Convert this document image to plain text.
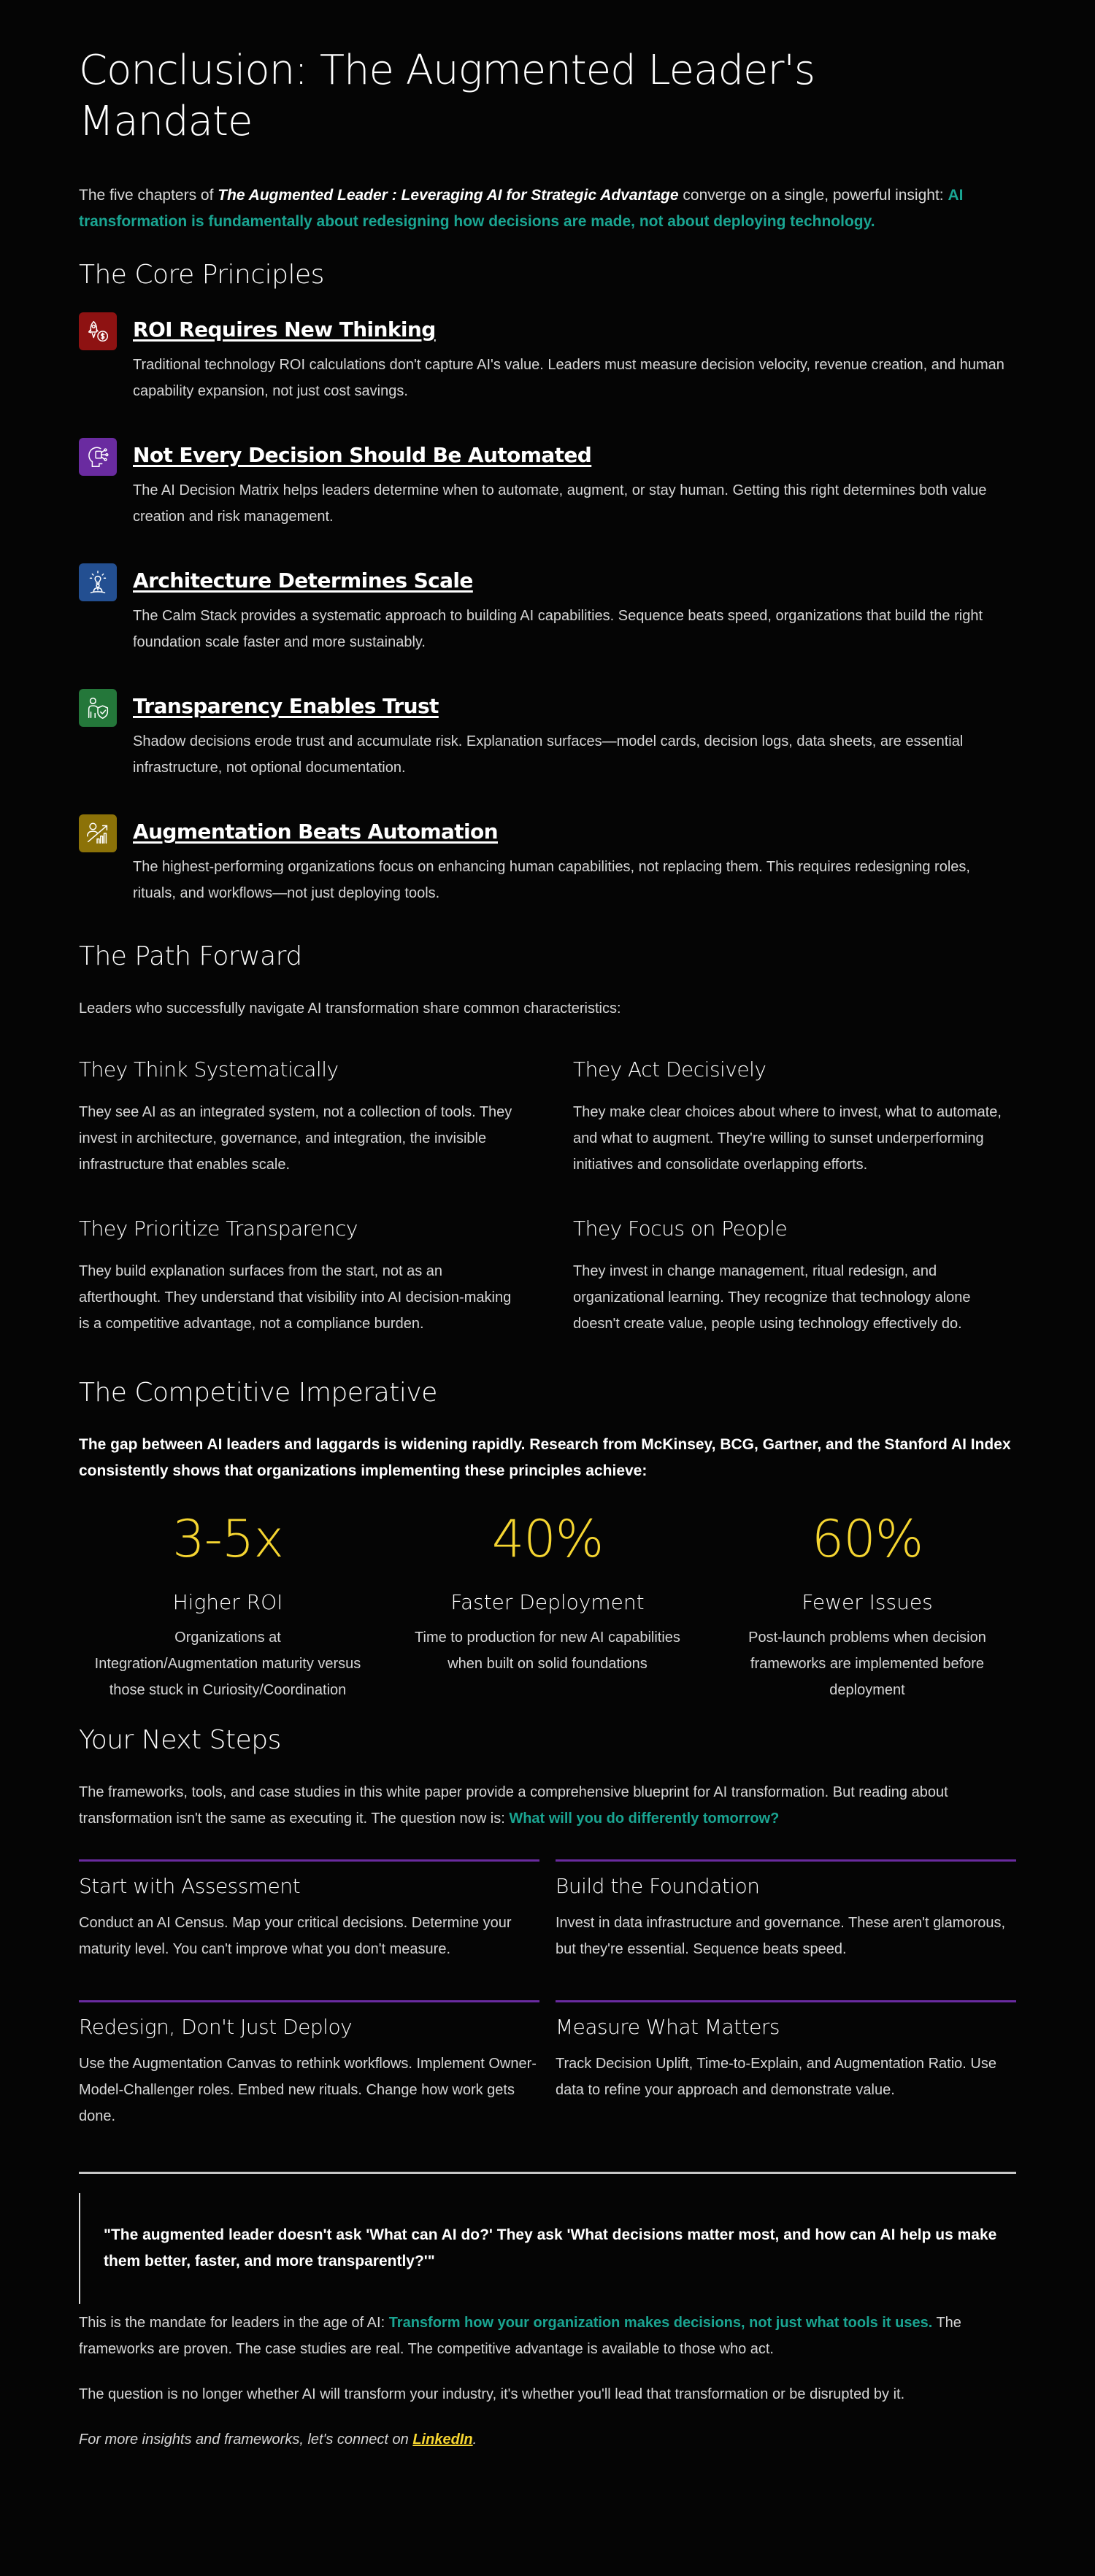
Conclusion: The Augmented Leader's Mandate

The five chapters of The Augmented Leader : Leveraging AI for Strategic Advantage converge on a single, powerful insight: AI transformation is fundamentally about redesigning how decisions are made, not about deploying technology.

The Core Principles
ROI Requires New Thinking

Traditional technology ROI calculations don't capture AI's value. Leaders must measure decision velocity, revenue creation, and human capability expansion, not just cost savings.

Not Every Decision Should Be Automated

The AI Decision Matrix helps leaders determine when to automate, augment, or stay human. Getting this right determines both value creation and risk management.

Architecture Determines Scale

The Calm Stack provides a systematic approach to building AI capabilities. Sequence beats speed, organizations that build the right foundation scale faster and more sustainably.

Transparency Enables Trust

Shadow decisions erode trust and accumulate risk. Explanation surfaces—model cards, decision logs, data sheets, are essential infrastructure, not optional documentation.

Augmentation Beats Automation

The highest-performing organizations focus on enhancing human capabilities, not replacing them. This requires redesigning roles, rituals, and workflows—not just deploying tools.

The Path Forward

Leaders who successfully navigate AI transformation share common characteristics:

They Think Systematically

They see AI as an integrated system, not a collection of tools. They invest in architecture, governance, and integration, the invisible infrastructure that enables scale.

They Act Decisively

They make clear choices about where to invest, what to automate, and what to augment. They're willing to sunset underperforming initiatives and consolidate overlapping efforts.

They Prioritize Transparency

They build explanation surfaces from the start, not as an afterthought. They understand that visibility into AI decision-making is a competitive advantage, not a compliance burden.

They Focus on People

They invest in change management, ritual redesign, and organizational learning. They recognize that technology alone doesn't create value, people using technology effectively do.

The Competitive Imperative

The gap between AI leaders and laggards is widening rapidly. Research from McKinsey, BCG, Gartner, and the Stanford AI Index consistently shows that organizations implementing these principles achieve:

3-5x
Higher ROI
Organizations at Integration/Augmentation maturity versus those stuck in Curiosity/Coordination
40%
Faster Deployment
Time to production for new AI capabilities when built on solid foundations
60%
Fewer Issues
Post-launch problems when decision frameworks are implemented before deployment
Your Next Steps

The frameworks, tools, and case studies in this white paper provide a comprehensive blueprint for AI transformation. But reading about transformation isn't the same as executing it. The question now is: What will you do differently tomorrow?

Start with Assessment

Conduct an AI Census. Map your critical decisions. Determine your maturity level. You can't improve what you don't measure.

Build the Foundation

Invest in data infrastructure and governance. These aren't glamorous, but they're essential. Sequence beats speed.

Redesign, Don't Just Deploy

Use the Augmentation Canvas to rethink workflows. Implement Owner-Model-Challenger roles. Embed new rituals. Change how work gets done.

Measure What Matters

Track Decision Uplift, Time-to-Explain, and Augmentation Ratio. Use data to refine your approach and demonstrate value.

"The augmented leader doesn't ask 'What can AI do?' They ask 'What decisions matter most, and how can AI help us make them better, faster, and more transparently?'"

This is the mandate for leaders in the age of AI: Transform how your organization makes decisions, not just what tools it uses. The frameworks are proven. The case studies are real. The competitive advantage is available to those who act.

The question is no longer whether AI will transform your industry, it's whether you'll lead that transformation or be disrupted by it.

For more insights and frameworks, let's connect on LinkedIn.
